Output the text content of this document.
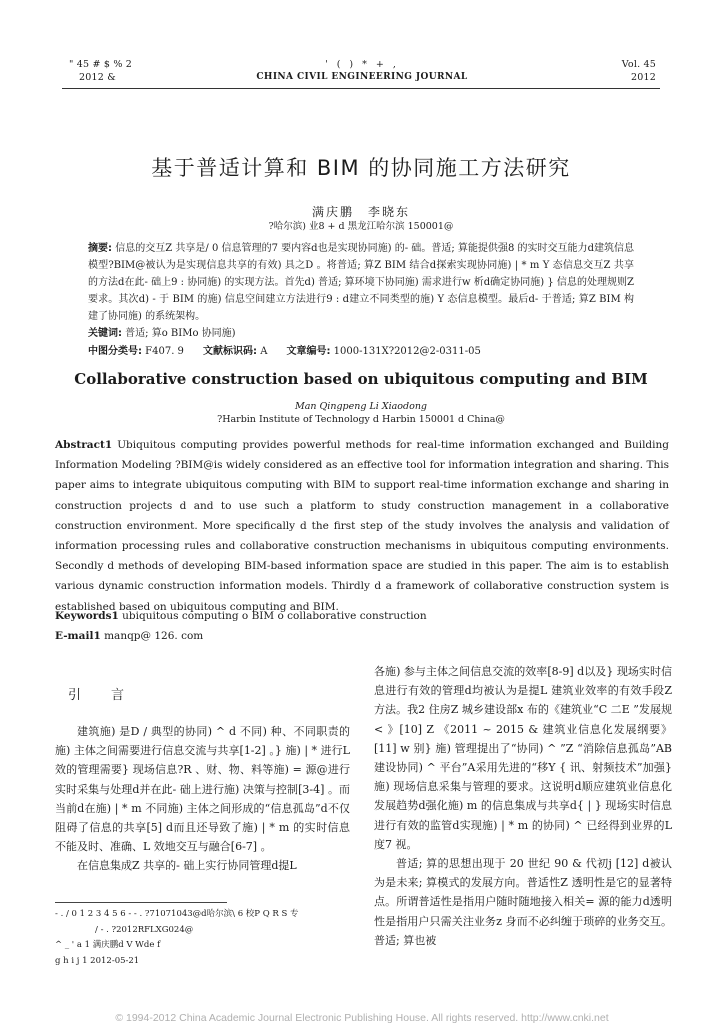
" 45 # $ % 2
2012 &
' ( ) * + ,
CHINA CIVIL ENGINEERING JOURNAL
Vol. 45
2012
基于普适计算和 BIM 的协同施工方法研究
满庆鹏　李晓东
?哈尔滨) 业8 + d 黑龙江哈尔滨 150001@
摘要: 信息的交互Z 共享是/ 0 信息管理的7 要内容d也是实现协同施) 的- 础。普适; 算能提供强8 的实时交互能力d建筑信息模型?BIM@被认为是实现信息共享的有效) 具之D 。将普适; 算Z BIM 结合d探索实现协同施) | * m Y 态信息交互Z 共享的方法d在此- 础上9 : 协同施) 的实现方法。首先d) 普适; 算环境下协同施) 需求进行w 析d确定协同施) } 信息的处理规则Z 要求。其次d) - 于 BIM 的施) 信息空间建立方法进行9 : d建立不同类型的施) Y 态信息模型。最后d- 于普适; 算Z BIM 构建了协同施) 的系统架构。
关键词: 普适; 算o BIMo 协同施)
中图分类号: F407. 9 文献标识码: A 文章编号: 1000-131X?2012@2-0311-05
Collaborative construction based on ubiquitous computing and BIM
Man Qingpeng Li Xiaodong
?Harbin Institute of Technology d Harbin 150001 d China@
Abstract1 Ubiquitous computing provides powerful methods for real-time information exchanged and Building Information Modeling ?BIM@is widely considered as an effective tool for information integration and sharing. This paper aims to integrate ubiquitous computing with BIM to support real-time information exchange and sharing in construction projects d and to use such a platform to study construction management in a collaborative construction environment. More specifically d the first step of the study involves the analysis and validation of information processing rules and collaborative construction mechanisms in ubiquitous computing environments. Secondly d methods of developing BIM-based information space are studied in this paper. The aim is to establish various dynamic construction information models. Thirdly d a framework of collaborative construction system is established based on ubiquitous computing and BIM.
Keywords1 ubiquitous computing o BIM o collaborative construction
E-mail1 manqp@ 126. com
引言

建筑施) 是D / 典型的协同) ^ d 不同) 种、不同职责的施) 主体之间需要进行信息交流与共享[1-2] 。} 施) | * 进行L 效的管理需要} 现场信息?R 、财、物、料等施) = 源@进行实时采集与处理d并在此- 础上进行施) 决策与控制[3-4] 。而当前d在施) | * m 不同施) 主体之间形成的“信息孤岛”d不仅阻碍了信息的共享[5] d而且还导致了施) | * m 的实时信息不能及时、准确、L 效地交互与融合[6-7] 。

在信息集成Z 共享的- 础上实行协同管理d提L

各施) 参与主体之间信息交流的效率[8-9] d以及} 现场实时信息进行有效的管理d均被认为是提L 建筑业效率的有效手段Z 方法。我2 住房Z 城乡建设部x 布的《建筑业“C 二E ”发展规< 》[10] Z 《2011 ~ 2015 & 建筑业信息化发展纲要》[11] w 别} 施) 管理提出了“协同) ^ ”Z “消除信息孤岛”AB 建设协同) ^ 平台”A采用先进的“移Y { 讯、射频技术”加强} 施) 现场信息采集与管理的要求。这说明d顺应建筑业信息化发展趋势d强化施) m 的信息集成与共享d{ | } 现场实时信息进行有效的监管d实现施) | * m 的协同) ^ 已经得到业界的L 度7 视。

普适; 算的思想出现于 20 世纪 90 & 代初j [12] d被认为是未来; 算模式的发展方向。普适性Z 透明性是它的显著特点。所谓普适性是指用户随时随地接入相关= 源的能力d透明性是指用户只需关注业务z 身而不必纠缠于琐碎的业务交互。普适; 算也被

- . / 0 1 2 3 4 5 6 - - . ?71071043@d哈尔滨\ 6 校P Q R S 专
/ - . ?2012RFLXG024@
^ _ ' a 1 满庆鹏d V Wde f
g h i j 1 2012-05-21
© 1994-2012 China Academic Journal Electronic Publishing House. All rights reserved. http://www.cnki.net
